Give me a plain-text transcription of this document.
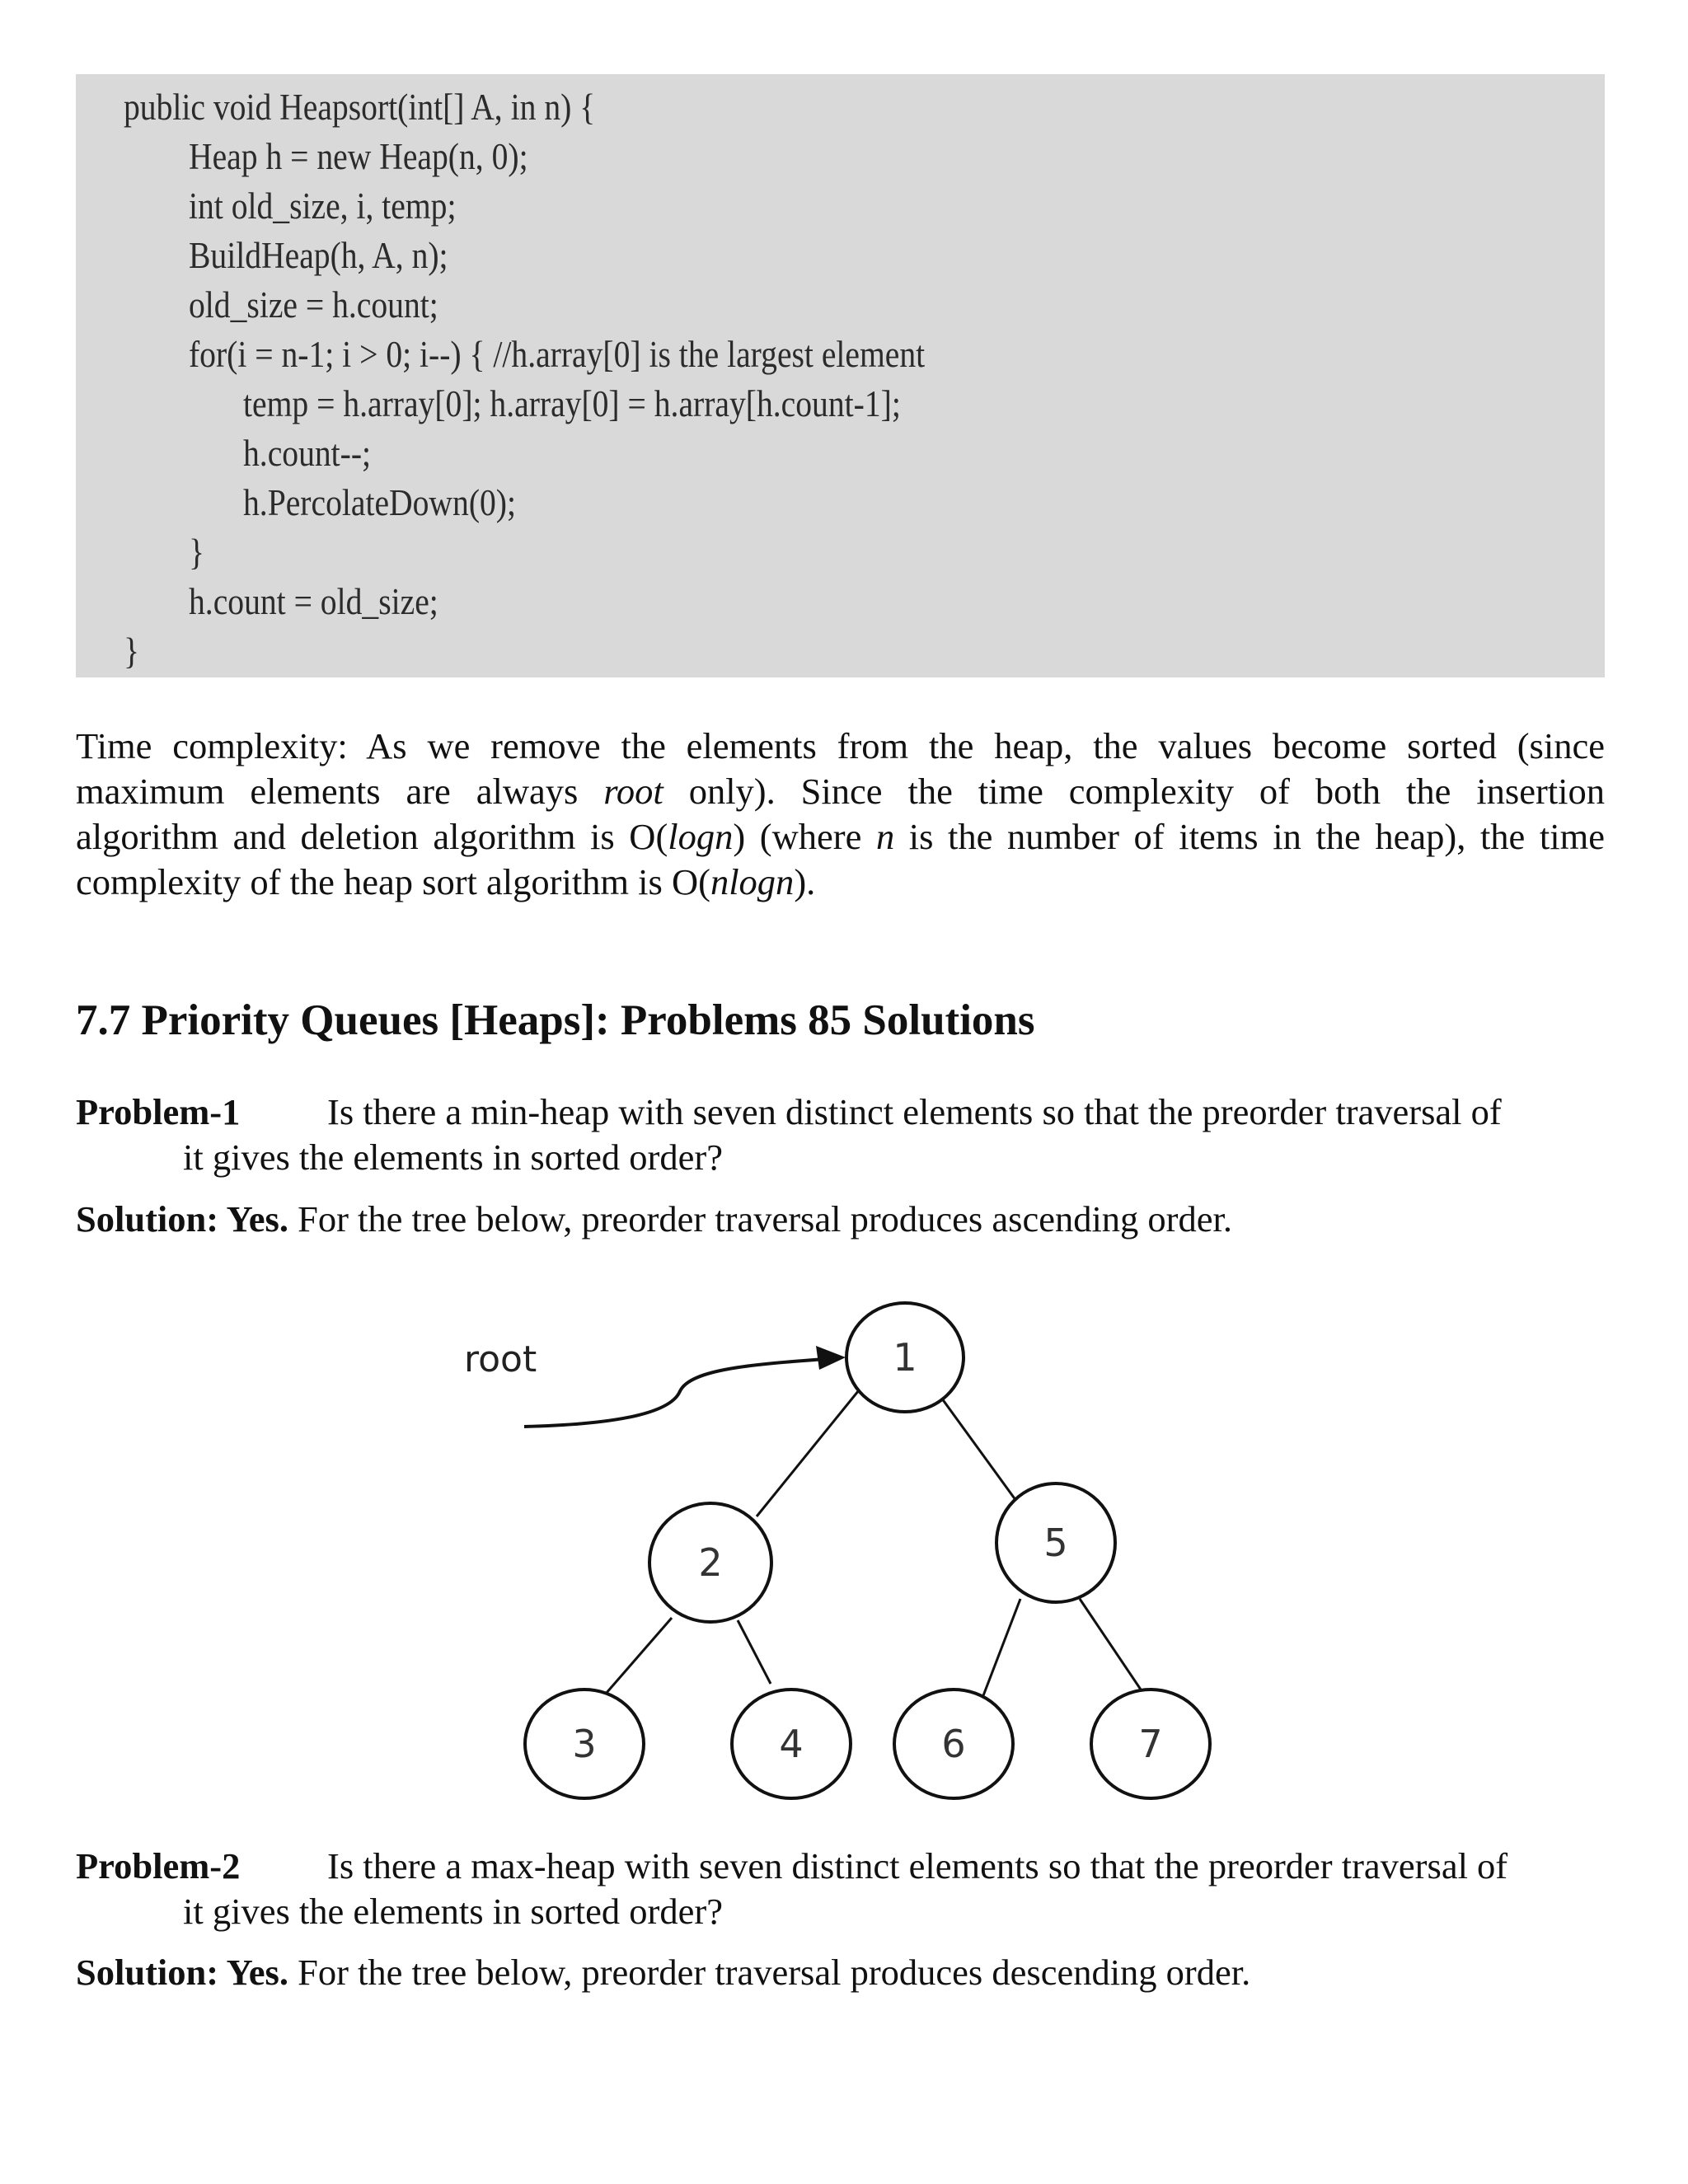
public void Heapsort(int[] A, in n) {
Heap h = new Heap(n, 0);
int old_size, i, temp;
BuildHeap(h, A, n);
old_size = h.count;
for(i = n-1; i > 0; i--) { //h.array[0] is the largest element
temp = h.array[0]; h.array[0] = h.array[h.count-1];
h.count--;
h.PercolateDown(0);
}
h.count = old_size;
}
Time complexity: As we remove the elements from the heap, the values become sorted (since
maximum elements are always root only). Since the time complexity of both the insertion
algorithm and deletion algorithm is O(logn) (where n is the number of items in the heap), the time
complexity of the heap sort algorithm is O(nlogn).
7.7 Priority Queues [Heaps]: Problems 85 Solutions
Problem-1 Is there a min-heap with seven distinct elements so that the preorder traversal of
it gives the elements in sorted order?
Solution: Yes. For the tree below, preorder traversal produces ascending order.
root	1
2	5
3	4	6	7
Problem-2 Is there a max-heap with seven distinct elements so that the preorder traversal of
it gives the elements in sorted order?
Solution: Yes. For the tree below, preorder traversal produces descending order.
